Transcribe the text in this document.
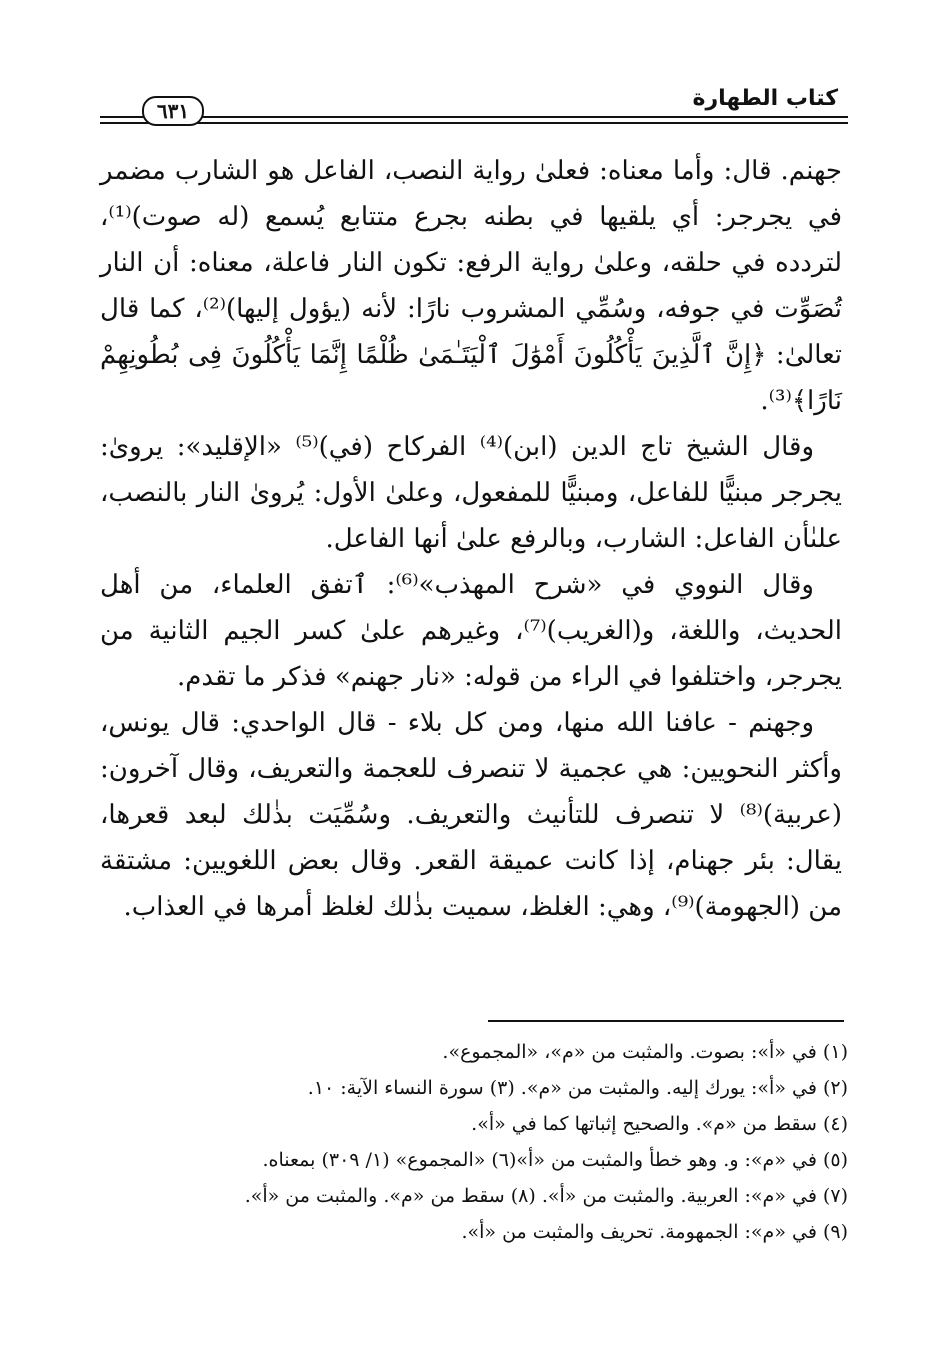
كتاب الطهارة
٦٣١

جهنم. قال: وأما معناه: فعلىٰ رواية النصب، الفاعل هو الشارب مضمر في يجرجر: أي يلقيها في بطنه بجرع متتابع يُسمع (له صوت)⁽¹⁾، لتردده في حلقه، وعلىٰ رواية الرفع: تكون النار فاعلة، معناه: أن النار تُصَوِّت في جوفه، وسُمِّي المشروب نارًا: لأنه (يؤول إليها)⁽²⁾، كما قال تعالىٰ: ﴿إِنَّ ٱلَّذِينَ يَأْكُلُونَ أَمْوَٰلَ ٱلْيَتَـٰمَىٰ ظُلْمًا إِنَّمَا يَأْكُلُونَ فِى بُطُونِهِمْ نَارًا﴾⁽³⁾.

وقال الشيخ تاج الدين (ابن)⁽⁴⁾ الفركاح (في)⁽⁵⁾ «الإقليد»: يروىٰ: يجرجر مبنيًّا للفاعل، ومبنيًّا للمفعول، وعلىٰ الأول: يُروىٰ النار بالنصب، علىٰأن الفاعل: الشارب، وبالرفع علىٰ أنها الفاعل.

وقال النووي في «شرح المهذب»⁽⁶⁾: ٱتفق العلماء، من أهل الحديث، واللغة، و(الغريب)⁽⁷⁾، وغيرهم علىٰ كسر الجيم الثانية من يجرجر، واختلفوا في الراء من قوله: «نار جهنم» فذكر ما تقدم.

وجهنم - عافنا الله منها، ومن كل بلاء - قال الواحدي: قال يونس، وأكثر النحويين: هي عجمية لا تنصرف للعجمة والتعريف، وقال آخرون: (عربية)⁽⁸⁾ لا تنصرف للتأنيث والتعريف. وسُمِّيَت بذٰلك لبعد قعرها، يقال: بئر جهنام، إذا كانت عميقة القعر. وقال بعض اللغويين: مشتقة من (الجهومة)⁽⁹⁾، وهي: الغلظ، سميت بذٰلك لغلظ أمرها في العذاب.

(١) في «أ»: بصوت. والمثبت من «م»، «المجموع».
(٢) في «أ»: يورك إليه. والمثبت من «م». (٣) سورة النساء الآية: ١٠.
(٤) سقط من «م». والصحيح إثباتها كما في «أ».
(٥) في «م»: و. وهو خطأ والمثبت من «أ»(٦) «المجموع» (١/ ٣٠٩) بمعناه.
(٧) في «م»: العربية. والمثبت من «أ». (٨) سقط من «م». والمثبت من «أ».
(٩) في «م»: الجمهومة. تحريف والمثبت من «أ».
